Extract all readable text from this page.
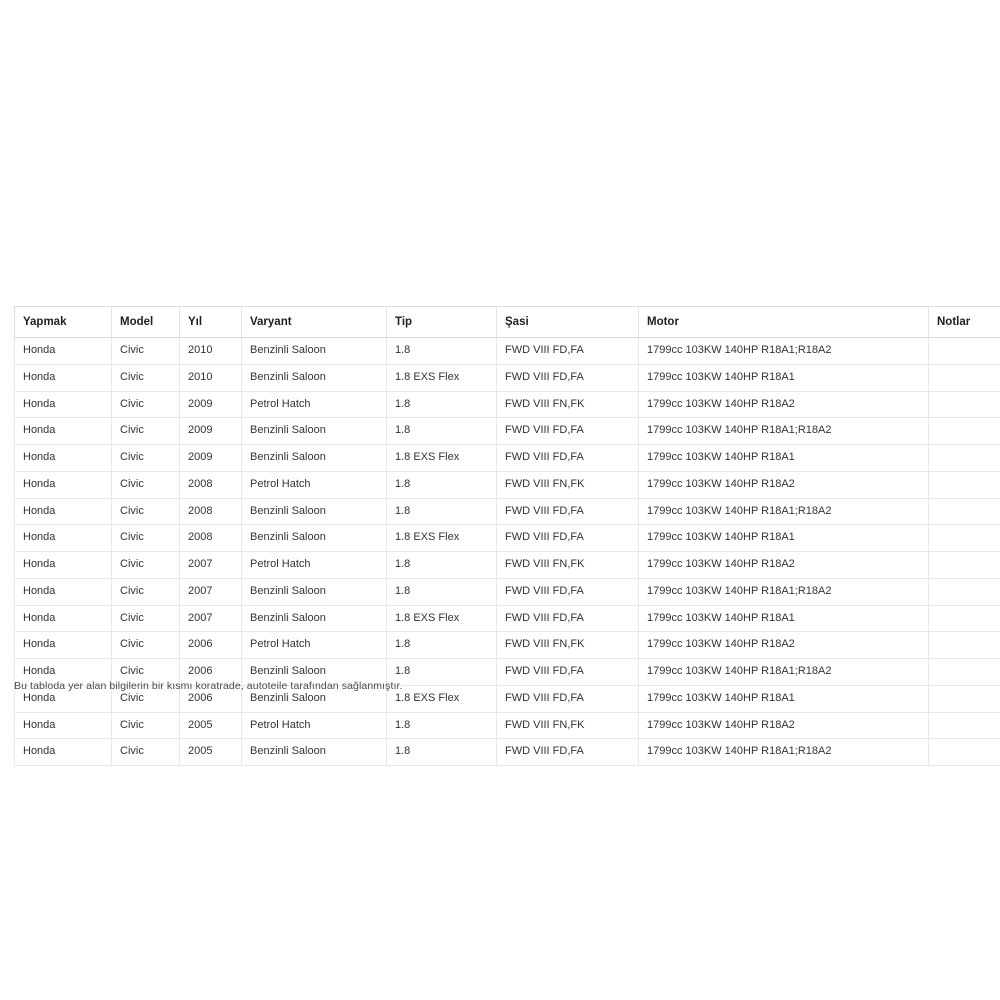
Yapmak	Model	Yıl	Varyant	Tip	Şasi	Motor	Notlar
Honda	Civic	2010	Benzinli Saloon	1.8	FWD VIII FD,FA	1799cc 103KW 140HP R18A1;R18A2	
Honda	Civic	2010	Benzinli Saloon	1.8 EXS Flex	FWD VIII FD,FA	1799cc 103KW 140HP R18A1	
Honda	Civic	2009	Petrol Hatch	1.8	FWD VIII FN,FK	1799cc 103KW 140HP R18A2	
Honda	Civic	2009	Benzinli Saloon	1.8	FWD VIII FD,FA	1799cc 103KW 140HP R18A1;R18A2	
Honda	Civic	2009	Benzinli Saloon	1.8 EXS Flex	FWD VIII FD,FA	1799cc 103KW 140HP R18A1	
Honda	Civic	2008	Petrol Hatch	1.8	FWD VIII FN,FK	1799cc 103KW 140HP R18A2	
Honda	Civic	2008	Benzinli Saloon	1.8	FWD VIII FD,FA	1799cc 103KW 140HP R18A1;R18A2	
Honda	Civic	2008	Benzinli Saloon	1.8 EXS Flex	FWD VIII FD,FA	1799cc 103KW 140HP R18A1	
Honda	Civic	2007	Petrol Hatch	1.8	FWD VIII FN,FK	1799cc 103KW 140HP R18A2	
Honda	Civic	2007	Benzinli Saloon	1.8	FWD VIII FD,FA	1799cc 103KW 140HP R18A1;R18A2	
Honda	Civic	2007	Benzinli Saloon	1.8 EXS Flex	FWD VIII FD,FA	1799cc 103KW 140HP R18A1	
Honda	Civic	2006	Petrol Hatch	1.8	FWD VIII FN,FK	1799cc 103KW 140HP R18A2	
Honda	Civic	2006	Benzinli Saloon	1.8	FWD VIII FD,FA	1799cc 103KW 140HP R18A1;R18A2	
Honda	Civic	2006	Benzinli Saloon	1.8 EXS Flex	FWD VIII FD,FA	1799cc 103KW 140HP R18A1	
Honda	Civic	2005	Petrol Hatch	1.8	FWD VIII FN,FK	1799cc 103KW 140HP R18A2	
Honda	Civic	2005	Benzinli Saloon	1.8	FWD VIII FD,FA	1799cc 103KW 140HP R18A1;R18A2	
Bu tabloda yer alan bilgilerin bir kısmı koratrade, autoteile tarafından sağlanmıştır.
